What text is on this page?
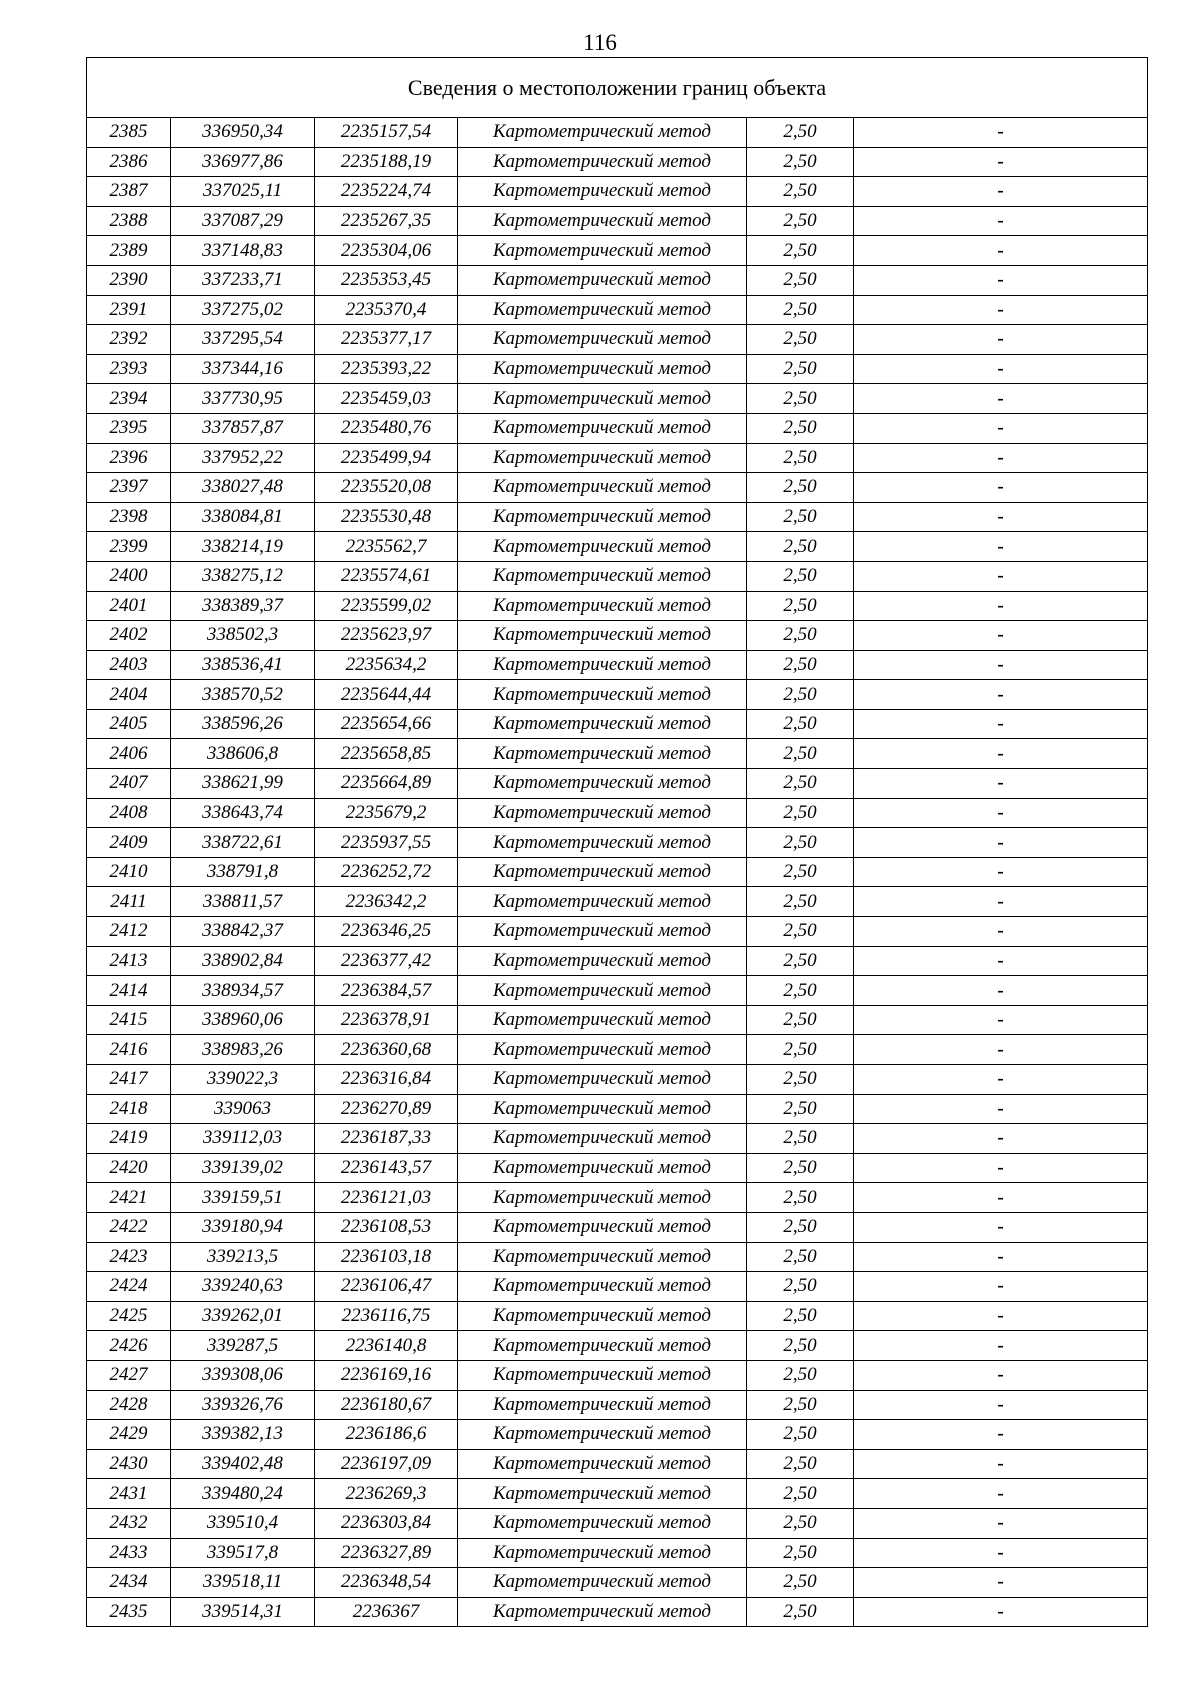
116
Сведения о местоположении границ объекта					
2385	336950,34	2235157,54	Картометрический метод	2,50	-
2386	336977,86	2235188,19	Картометрический метод	2,50	-
2387	337025,11	2235224,74	Картометрический метод	2,50	-
2388	337087,29	2235267,35	Картометрический метод	2,50	-
2389	337148,83	2235304,06	Картометрический метод	2,50	-
2390	337233,71	2235353,45	Картометрический метод	2,50	-
2391	337275,02	2235370,4	Картометрический метод	2,50	-
2392	337295,54	2235377,17	Картометрический метод	2,50	-
2393	337344,16	2235393,22	Картометрический метод	2,50	-
2394	337730,95	2235459,03	Картометрический метод	2,50	-
2395	337857,87	2235480,76	Картометрический метод	2,50	-
2396	337952,22	2235499,94	Картометрический метод	2,50	-
2397	338027,48	2235520,08	Картометрический метод	2,50	-
2398	338084,81	2235530,48	Картометрический метод	2,50	-
2399	338214,19	2235562,7	Картометрический метод	2,50	-
2400	338275,12	2235574,61	Картометрический метод	2,50	-
2401	338389,37	2235599,02	Картометрический метод	2,50	-
2402	338502,3	2235623,97	Картометрический метод	2,50	-
2403	338536,41	2235634,2	Картометрический метод	2,50	-
2404	338570,52	2235644,44	Картометрический метод	2,50	-
2405	338596,26	2235654,66	Картометрический метод	2,50	-
2406	338606,8	2235658,85	Картометрический метод	2,50	-
2407	338621,99	2235664,89	Картометрический метод	2,50	-
2408	338643,74	2235679,2	Картометрический метод	2,50	-
2409	338722,61	2235937,55	Картометрический метод	2,50	-
2410	338791,8	2236252,72	Картометрический метод	2,50	-
2411	338811,57	2236342,2	Картометрический метод	2,50	-
2412	338842,37	2236346,25	Картометрический метод	2,50	-
2413	338902,84	2236377,42	Картометрический метод	2,50	-
2414	338934,57	2236384,57	Картометрический метод	2,50	-
2415	338960,06	2236378,91	Картометрический метод	2,50	-
2416	338983,26	2236360,68	Картометрический метод	2,50	-
2417	339022,3	2236316,84	Картометрический метод	2,50	-
2418	339063	2236270,89	Картометрический метод	2,50	-
2419	339112,03	2236187,33	Картометрический метод	2,50	-
2420	339139,02	2236143,57	Картометрический метод	2,50	-
2421	339159,51	2236121,03	Картометрический метод	2,50	-
2422	339180,94	2236108,53	Картометрический метод	2,50	-
2423	339213,5	2236103,18	Картометрический метод	2,50	-
2424	339240,63	2236106,47	Картометрический метод	2,50	-
2425	339262,01	2236116,75	Картометрический метод	2,50	-
2426	339287,5	2236140,8	Картометрический метод	2,50	-
2427	339308,06	2236169,16	Картометрический метод	2,50	-
2428	339326,76	2236180,67	Картометрический метод	2,50	-
2429	339382,13	2236186,6	Картометрический метод	2,50	-
2430	339402,48	2236197,09	Картометрический метод	2,50	-
2431	339480,24	2236269,3	Картометрический метод	2,50	-
2432	339510,4	2236303,84	Картометрический метод	2,50	-
2433	339517,8	2236327,89	Картометрический метод	2,50	-
2434	339518,11	2236348,54	Картометрический метод	2,50	-
2435	339514,31	2236367	Картометрический метод	2,50	-
